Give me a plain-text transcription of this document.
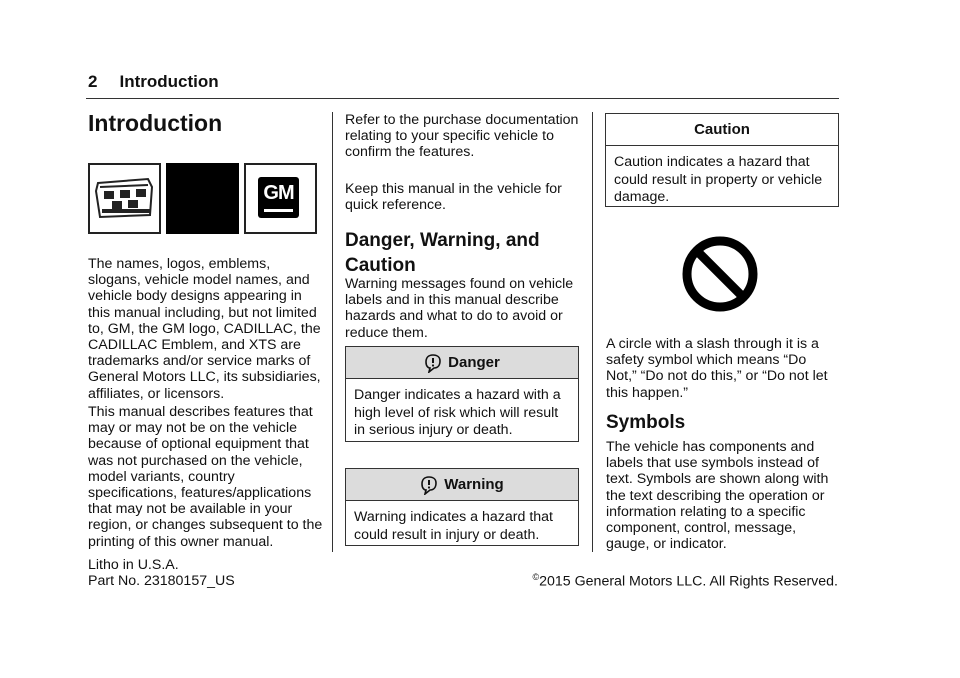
2 Introduction
Introduction
GM

The names, logos, emblems, slogans, vehicle model names, and vehicle body designs appearing in this manual including, but not limited to, GM, the GM logo, CADILLAC, the CADILLAC Emblem, and XTS are trademarks and/or service marks of General Motors LLC, its subsidiaries, affiliates, or licensors.

This manual describes features that may or may not be on the vehicle because of optional equipment that was not purchased on the vehicle, model variants, country specifications, features/applications that may not be available in your region, or changes subsequent to the printing of this owner manual.

Refer to the purchase documentation relating to your specific vehicle to confirm the features.

Keep this manual in the vehicle for quick reference.

Danger, Warning, and
Caution

Warning messages found on vehicle labels and in this manual describe hazards and what to do to avoid or reduce them.

Danger
Danger indicates a hazard with a high level of risk which will result in serious injury or death.
Warning
Warning indicates a hazard that could result in injury or death.
Caution
Caution indicates a hazard that could result in property or vehicle damage.

A circle with a slash through it is a safety symbol which means “Do Not,” “Do not do this,” or “Do not let this happen.”

Symbols

The vehicle has components and labels that use symbols instead of text. Symbols are shown along with the text describing the operation or information relating to a specific component, control, message, gauge, or indicator.

Litho in U.S.A.
Part No. 23180157_US	©2015 General Motors LLC. All Rights Reserved.
